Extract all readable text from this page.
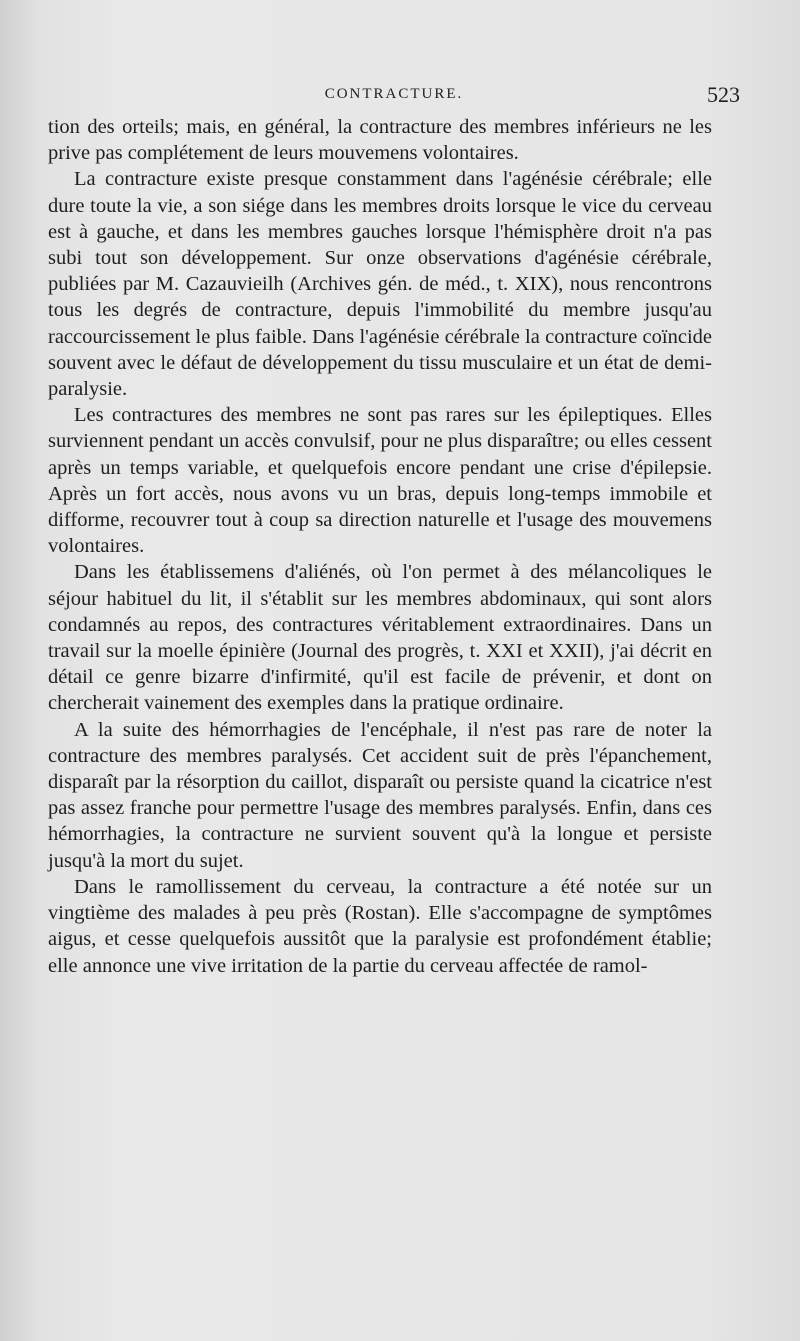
CONTRACTURE.	523

tion des orteils; mais, en général, la contracture des membres inférieurs ne les prive pas complétement de leurs mouvemens volontaires.

La contracture existe presque constamment dans l'agénésie cérébrale; elle dure toute la vie, a son siége dans les membres droits lorsque le vice du cerveau est à gauche, et dans les membres gauches lorsque l'hémisphère droit n'a pas subi tout son développement. Sur onze observations d'agénésie cérébrale, publiées par M. Cazauvieilh (Archives gén. de méd., t. XIX), nous rencontrons tous les degrés de contracture, depuis l'immobilité du membre jusqu'au raccourcissement le plus faible. Dans l'agénésie cérébrale la contracture coïncide souvent avec le défaut de développement du tissu musculaire et un état de demi-paralysie.

Les contractures des membres ne sont pas rares sur les épileptiques. Elles surviennent pendant un accès convulsif, pour ne plus disparaître; ou elles cessent après un temps variable, et quelquefois encore pendant une crise d'épilepsie. Après un fort accès, nous avons vu un bras, depuis long-temps immobile et difforme, recouvrer tout à coup sa direction naturelle et l'usage des mouvemens volontaires.

Dans les établissemens d'aliénés, où l'on permet à des mélancoliques le séjour habituel du lit, il s'établit sur les membres abdominaux, qui sont alors condamnés au repos, des contractures véritablement extraordinaires. Dans un travail sur la moelle épinière (Journal des progrès, t. XXI et XXII), j'ai décrit en détail ce genre bizarre d'infirmité, qu'il est facile de prévenir, et dont on chercherait vainement des exemples dans la pratique ordinaire.

A la suite des hémorrhagies de l'encéphale, il n'est pas rare de noter la contracture des membres paralysés. Cet accident suit de près l'épanchement, disparaît par la résorption du caillot, disparaît ou persiste quand la cicatrice n'est pas assez franche pour permettre l'usage des membres paralysés. Enfin, dans ces hémorrhagies, la contracture ne survient souvent qu'à la longue et persiste jusqu'à la mort du sujet.

Dans le ramollissement du cerveau, la contracture a été notée sur un vingtième des malades à peu près (Rostan). Elle s'accompagne de symptômes aigus, et cesse quelquefois aussitôt que la paralysie est profondément établie; elle annonce une vive irritation de la partie du cerveau affectée de ramol-
